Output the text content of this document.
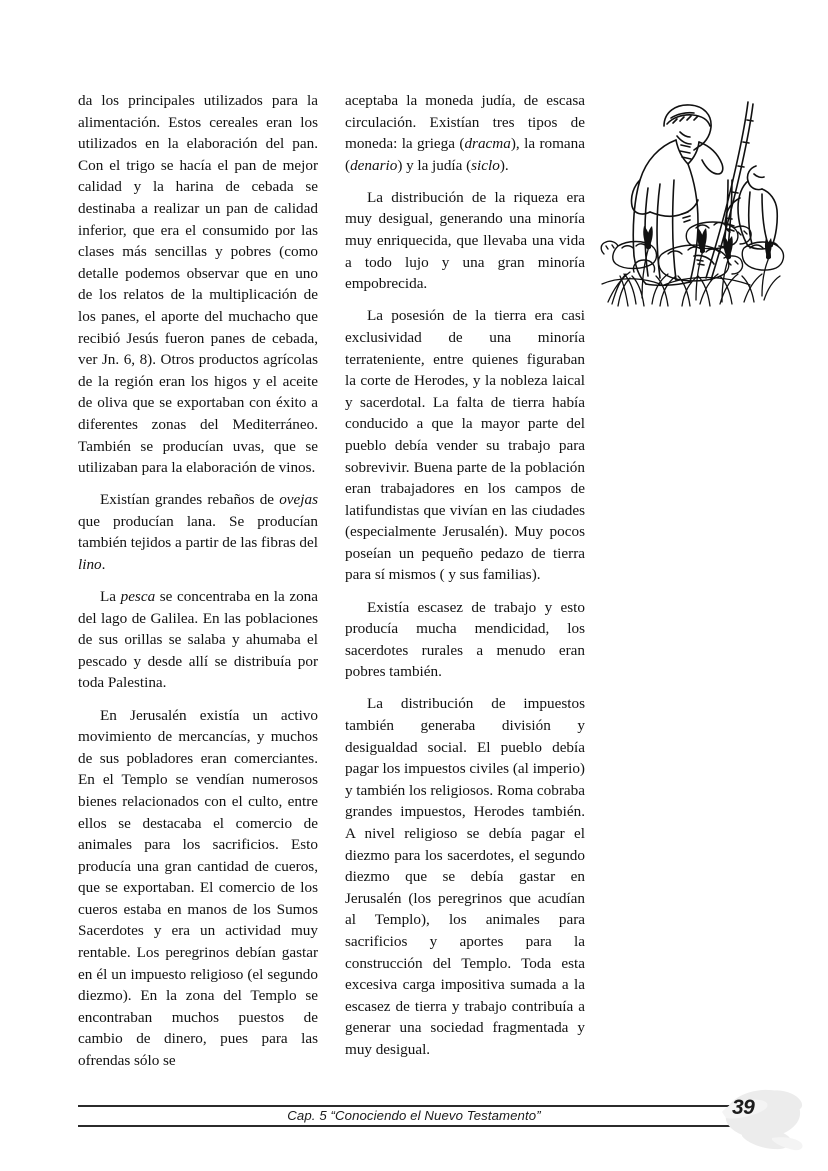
da los principales utilizados para la alimentación. Estos cereales eran los utilizados en la elaboración del pan. Con el trigo se hacía el pan de mejor calidad y la harina de cebada se destinaba a realizar un pan de calidad inferior, que era el consumido por las clases más sencillas y pobres (como detalle podemos observar que en uno de los relatos de la multiplicación de los panes, el aporte del muchacho que recibió Jesús fueron panes de cebada, ver Jn. 6, 8). Otros productos agrícolas de la región eran los higos y el aceite de oliva que se exportaban con éxito a diferentes zonas del Mediterráneo. También se producían uvas, que se utilizaban para la elaboración de vinos.

Existían grandes rebaños de ovejas que producían lana. Se producían también tejidos a partir de las fibras del lino.

La pesca se concentraba en la zona del lago de Galilea. En las poblaciones de sus orillas se salaba y ahumaba el pescado y desde allí se distribuía por toda Palestina.

En Jerusalén existía un activo movimiento de mercancías, y muchos de sus pobladores eran comerciantes. En el Templo se vendían numerosos bienes relacionados con el culto, entre ellos se destacaba el comercio de animales para los sacrificios. Esto producía una gran cantidad de cueros, que se exportaban. El comercio de los cueros estaba en manos de los Sumos Sacerdotes y era un actividad muy rentable. Los peregrinos debían gastar en él un impuesto religioso (el segundo diezmo). En la zona del Templo se encontraban muchos puestos de cambio de dinero, pues para las ofrendas sólo se

aceptaba la moneda judía, de escasa circulación. Existían tres tipos de moneda: la griega (dracma), la romana (denario) y la judía (siclo).

La distribución de la riqueza era muy desigual, generando una minoría muy enriquecida, que llevaba una vida a todo lujo y una gran minoría empobrecida.

La posesión de la tierra era casi exclusividad de una minoría terrateniente, entre quienes figuraban la corte de Herodes, y la nobleza laical y sacerdotal. La falta de tierra había conducido a que la mayor parte del pueblo debía vender su trabajo para sobrevivir. Buena parte de la población eran trabajadores en los campos de latifundistas que vivían en las ciudades (especialmente Jerusalén). Muy pocos poseían un pequeño pedazo de tierra para sí mismos ( y sus familias).

Existía escasez de trabajo y esto producía mucha mendicidad, los sacerdotes rurales a menudo eran pobres también.

La distribución de impuestos también generaba división y desigualdad social. El pueblo debía pagar los impuestos civiles (al imperio) y también los religiosos. Roma cobraba grandes impuestos, Herodes también. A nivel religioso se debía pagar el diezmo para los sacerdotes, el segundo diezmo que se debía gastar en Jerusalén (los peregrinos que acudían al Templo), los animales para sacrificios y aportes para la construcción del Templo. Toda esta excesiva carga impositiva sumada a la escasez de tierra y trabajo contribuía a generar una sociedad fragmentada y muy desigual.

Cap. 5 “Conociendo el Nuevo Testamento”	39
